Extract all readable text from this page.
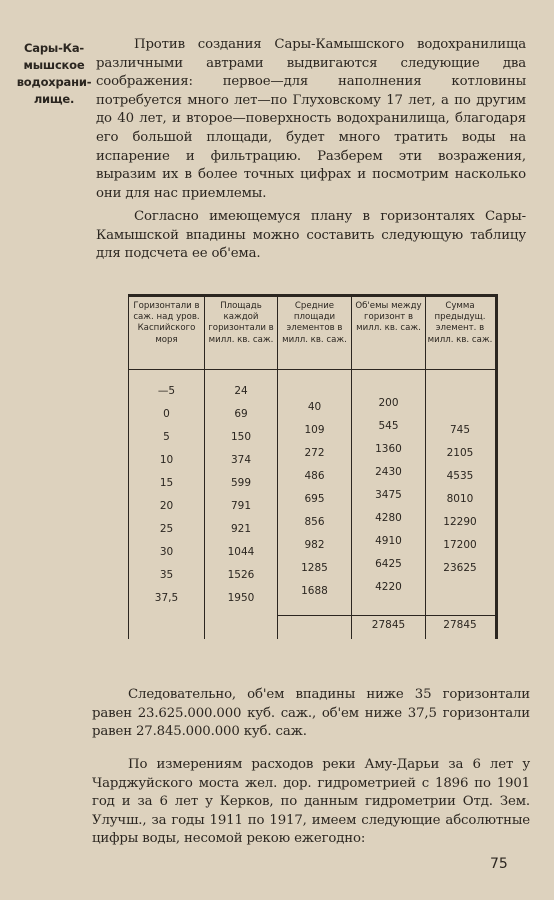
Сары-Ка-
мышское
водохрани-
лище.

Против создания Сары-Камышского водохранилища различными автрами выдвигаются следующие два соображения: первое—для наполнения котловины потребуется много лет—по Глуховскому 17 лет, а по другим до 40 лет, и второе—поверхность водохранилища, благодаря его большой площади, будет много тратить воды на испарение и фильтрацию. Разберем эти возражения, выразим их в более точных цифрах и посмотрим насколько они для нас приемлемы.

Согласно имеющемуся плану в горизонталях Сары-Камышской впадины можно составить следующую таблицу для подсчета ее об'ема.

Горизонтали в саж. над уров. Каспийского моря
Площадь каждой горизонтали в милл. кв. саж.
Средние площади элементов в милл. кв. саж.
Об'емы между горизонт в милл. кв. саж.
Сумма предыдущ. элемент. в милл. кв. саж.
—5
0
5
10
15
20
25
30
35
37,5
24
69
150
374
599
791
921
1044
1526
1950
40
109
272
486
695
856
982
1285
1688
200
545
1360
2430
3475
4280
4910
6425
4220
745
2105
4535
8010
12290
17200
23625
27845	27845

Следовательно, об'ем впадины ниже 35 горизонтали равен 23.625.000.000 куб. саж., об'ем ниже 37,5 горизонтали равен 27.845.000.000 куб. саж.

По измерениям расходов реки Аму-Дарьи за 6 лет у Чарджуйского моста жел. дор. гидрометрией с 1896 по 1901 год и за 6 лет у Керков, по данным гидрометрии Отд. Зем. Улучш., за годы 1911 по 1917, имеем следующие абсолютные цифры воды, несомой рекою ежегодно:

75
